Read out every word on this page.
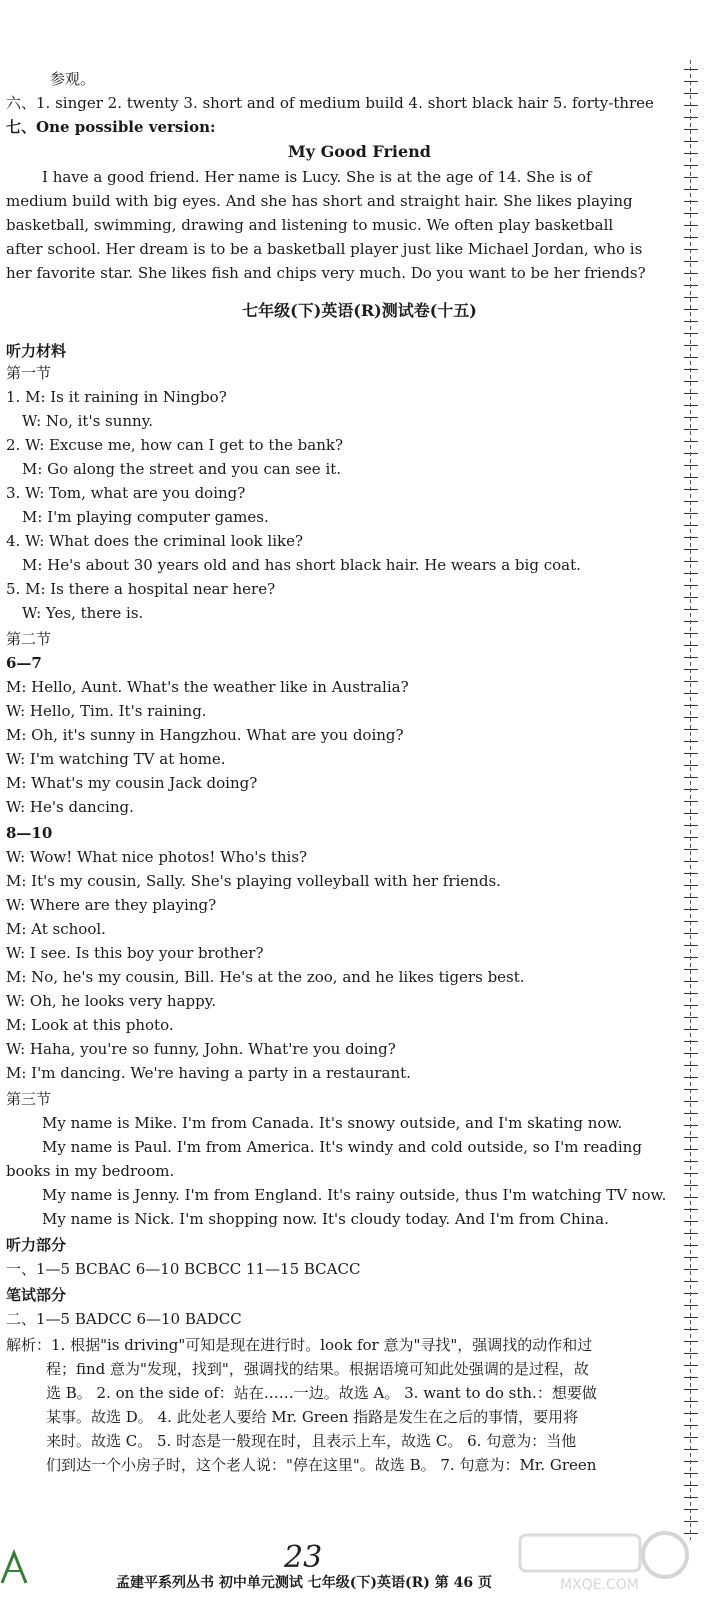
参观。
六、1. singer 2. twenty 3. short and of medium build 4. short black hair 5. forty-three
七、One possible version:
My Good Friend
I have a good friend. Her name is Lucy. She is at the age of 14. She is of
medium build with big eyes. And she has short and straight hair. She likes playing
basketball, swimming, drawing and listening to music. We often play basketball
after school. Her dream is to be a basketball player just like Michael Jordan, who is
her favorite star. She likes fish and chips very much. Do you want to be her friends?
七年级(下)英语(R)测试卷(十五)
听力材料
第一节
1. M: Is it raining in Ningbo?
W: No, it's sunny.
2. W: Excuse me, how can I get to the bank?
M: Go along the street and you can see it.
3. W: Tom, what are you doing?
M: I'm playing computer games.
4. W: What does the criminal look like?
M: He's about 30 years old and has short black hair. He wears a big coat.
5. M: Is there a hospital near here?
W: Yes, there is.
第二节
6—7
M: Hello, Aunt. What's the weather like in Australia?
W: Hello, Tim. It's raining.
M: Oh, it's sunny in Hangzhou. What are you doing?
W: I'm watching TV at home.
M: What's my cousin Jack doing?
W: He's dancing.
8—10
W: Wow! What nice photos! Who's this?
M: It's my cousin, Sally. She's playing volleyball with her friends.
W: Where are they playing?
M: At school.
W: I see. Is this boy your brother?
M: No, he's my cousin, Bill. He's at the zoo, and he likes tigers best.
W: Oh, he looks very happy.
M: Look at this photo.
W: Haha, you're so funny, John. What're you doing?
M: I'm dancing. We're having a party in a restaurant.
第三节
My name is Mike. I'm from Canada. It's snowy outside, and I'm skating now.
My name is Paul. I'm from America. It's windy and cold outside, so I'm reading
books in my bedroom.
My name is Jenny. I'm from England. It's rainy outside, thus I'm watching TV now.
My name is Nick. I'm shopping now. It's cloudy today. And I'm from China.
听力部分
一、1—5 BCBAC 6—10 BCBCC 11—15 BCACC
笔试部分
二、1—5 BADCC 6—10 BADCC
解析：1. 根据"is driving"可知是现在进行时。look for 意为"寻找"，强调找的动作和过
程；find 意为"发现，找到"，强调找的结果。根据语境可知此处强调的是过程，故
选 B。 2. on the side of：站在……一边。故选 A。 3. want to do sth.：想要做
某事。故选 D。 4. 此处老人要给 Mr. Green 指路是发生在之后的事情，要用将
来时。故选 C。 5. 时态是一般现在时，且表示上车，故选 C。 6. 句意为：当他
们到达一个小房子时，这个老人说："停在这里"。故选 B。 7. 句意为：Mr. Green
23
MXQE.COM
孟建平系列丛书 初中单元测试 七年级(下)英语(R) 第 46 页
